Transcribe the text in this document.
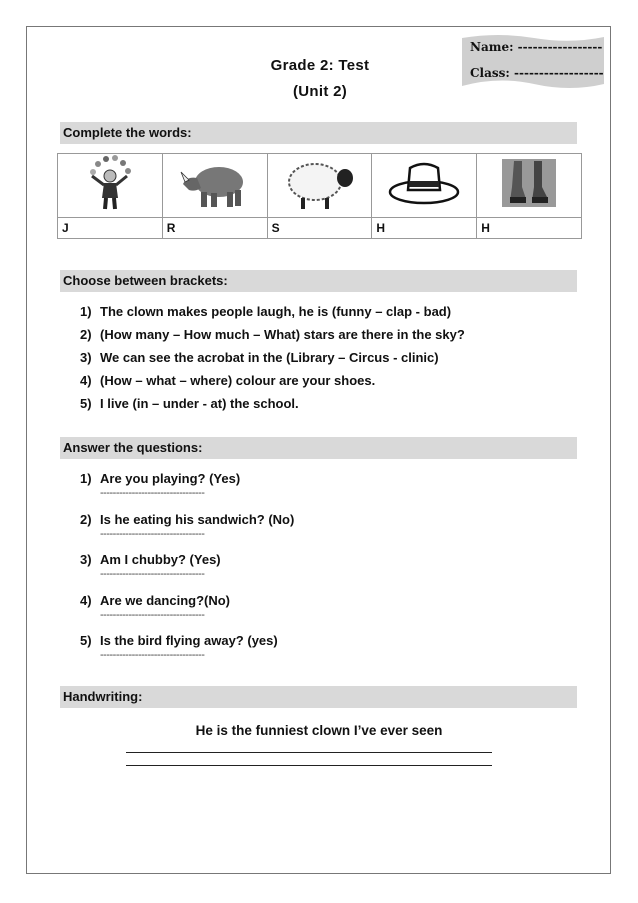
Grade 2: Test
(Unit 2)
Name: -----------------
Class: ------------------
Complete the words:

J	R	S	H	H
Choose between brackets:
1) The clown makes people laugh, he is (funny – clap - bad)
2) (How many – How much – What) stars are there in the sky?
3) We can see the acrobat in the (Library – Circus - clinic)
4) (How – what – where) colour are your shoes.
5) I live (in – under - at) the school.
Answer the questions:
1) Are you playing? (Yes)
---------------------------------
2) Is he eating his sandwich? (No)
---------------------------------
3) Am I chubby? (Yes)
---------------------------------
4) Are we dancing?(No)
---------------------------------
5) Is the bird flying away? (yes)
---------------------------------
Handwriting:
He is the funniest clown I’ve ever seen
